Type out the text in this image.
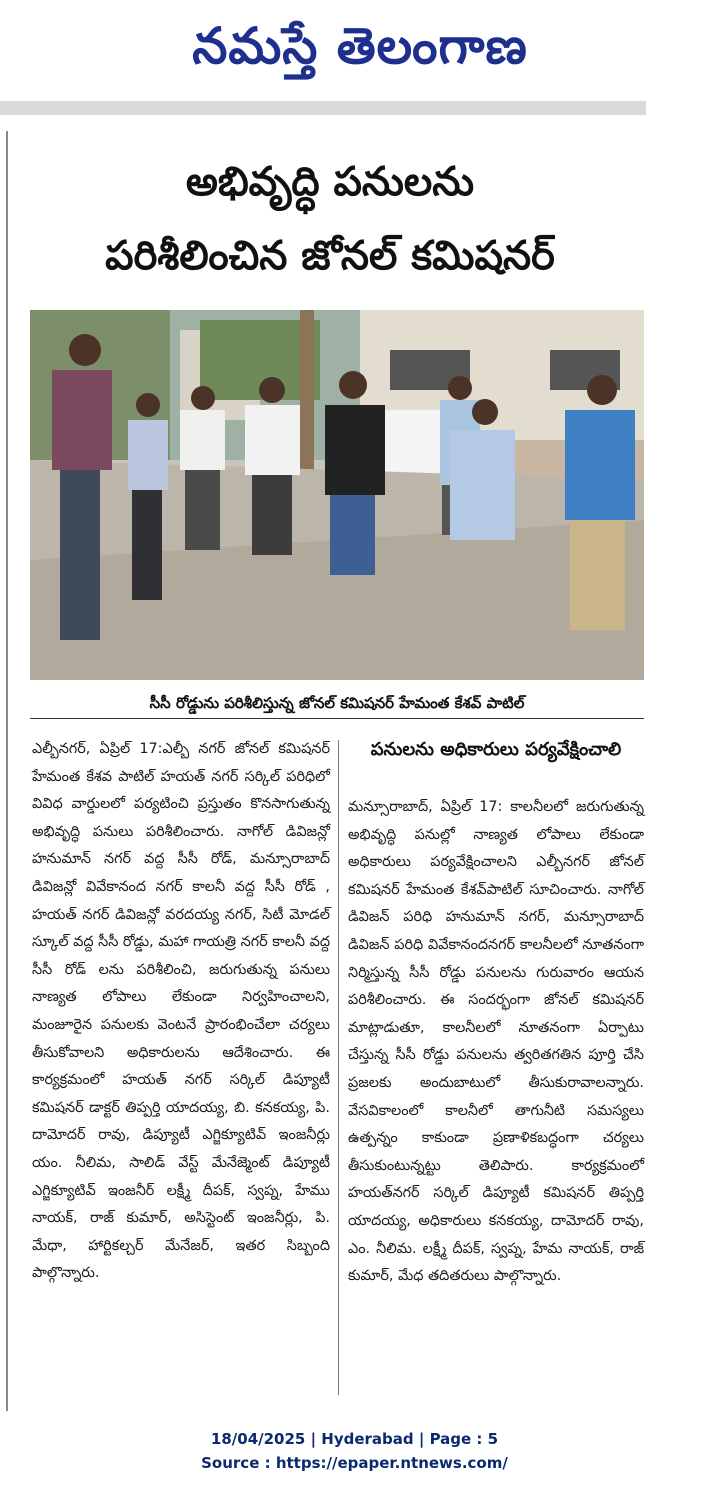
నమస్తే తెలంగాణ
అభివృద్ధి పనులను
పరిశీలించిన జోనల్ కమిషనర్
సీసీ రోడ్డును పరిశీలిస్తున్న జోనల్ కమిషనర్ హేమంత కేశవ్ పాటిల్
ఎల్బీనగర్, ఏప్రిల్ 17:ఎల్బీ నగర్ జోనల్ కమిషనర్ హేమంత కేశవ పాటిల్ హయత్ నగర్ సర్కిల్ పరిధిలో వివిధ వార్డులలో పర్యటించి ప్రస్తుతం కొనసాగుతున్న అభివృద్ధి పనులు పరిశీలించారు. నాగోల్ డివిజన్లో హనుమాన్ నగర్ వద్ద సీసీ రోడ్, మన్సూరాబాద్ డివిజన్లో వివేకానంద నగర్ కాలనీ వద్ద సీసీ రోడ్ , హయత్ నగర్ డివిజన్లో వరదయ్య నగర్, సిటీ మోడల్ స్కూల్ వద్ద సీసీ రోడ్డు, మహా గాయత్రి నగర్ కాలనీ వద్ద సీసీ రోడ్ లను పరిశీలించి, జరుగుతున్న పనులు నాణ్యత లోపాలు లేకుండా నిర్వహించాలని, మంజూరైన పనులకు వెంటనే ప్రారంభించేలా చర్యలు తీసుకోవాలని అధికారులను ఆదేశించారు. ఈ కార్యక్రమంలో హయత్ నగర్ సర్కిల్ డిప్యూటీ కమిషనర్ డాక్టర్ తిప్పర్తి యాదయ్య, బి. కనకయ్య, పి. దామోదర్ రావు, డిప్యూటీ ఎగ్జిక్యూటివ్ ఇంజనీర్లు యం. నీలిమ, సాలిడ్ వేస్ట్ మేనేజ్మెంట్ డిప్యూటీ ఎగ్జిక్యూటివ్ ఇంజనీర్ లక్ష్మీ దీపక్, స్వప్న, హేము నాయక్, రాజ్ కుమార్, అసిస్టెంట్ ఇంజనీర్లు, పి. మేధా, హార్టికల్చర్ మేనేజర్, ఇతర సిబ్బంది పాల్గొన్నారు.
పనులను అధికారులు పర్యవేక్షించాలి
మన్సూరాబాద్, ఏప్రిల్ 17: కాలనీలలో జరుగుతున్న అభివృద్ధి పనుల్లో నాణ్యత లోపాలు లేకుండా అధికారులు పర్యవేక్షించాలని ఎల్బీనగర్ జోనల్ కమిషనర్ హేమంత కేశవ్‌పాటిల్ సూచించారు. నాగోల్ డివిజన్ పరిధి హనుమాన్ నగర్, మన్సూరాబాద్ డివిజన్ పరిధి వివేకానందనగర్ కాలనీలలో నూతనంగా నిర్మిస్తున్న సీసీ రోడ్డు పనులను గురువారం ఆయన పరిశీలించారు. ఈ సందర్భంగా జోనల్ కమిషనర్ మాట్లాడుతూ, కాలనీలలో నూతనంగా ఏర్పాటు చేస్తున్న సీసీ రోడ్డు పనులను త్వరితగతిన పూర్తి చేసి ప్రజలకు అందుబాటులో తీసుకురావాలన్నారు. వేసవికాలంలో కాలనీలో తాగునీటి సమస్యలు ఉత్పన్నం కాకుండా ప్రణాళికబద్ధంగా చర్యలు తీసుకుంటున్నట్టు తెలిపారు. కార్యక్రమంలో హయత్‌నగర్ సర్కిల్ డిప్యూటీ కమిషనర్ తిప్పర్తి యాదయ్య, అధికారులు కనకయ్య, దామోదర్ రావు, ఎం. నీలిమ. లక్ష్మీ దీపక్, స్వప్న, హేమ నాయక్, రాజ్ కుమార్, మేధ తదితరులు పాల్గొన్నారు.
18/04/2025 | Hyderabad | Page : 5
Source : https://epaper.ntnews.com/
